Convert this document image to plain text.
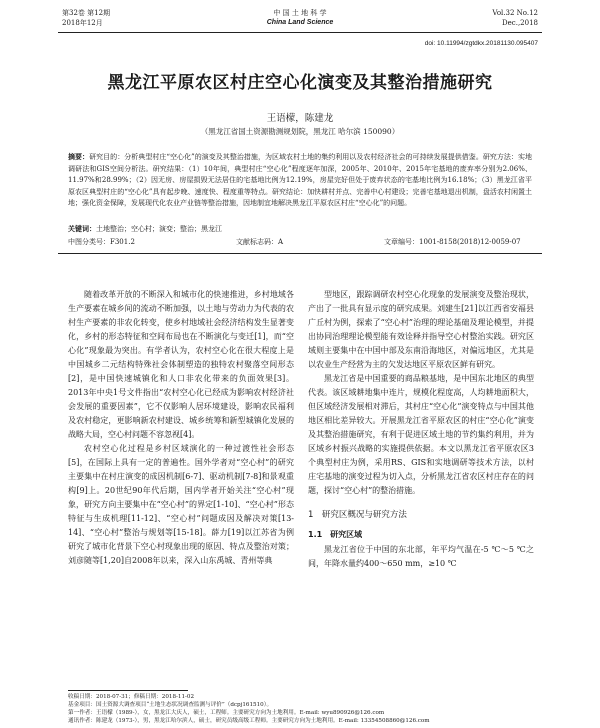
第32卷 第12期
2018年12月
中 国 土 地 科 学
China Land Science
Vol.32 No.12
Dec.,2018
doi: 10.11994/zgtdkx.20181130.095407
黑龙江平原农区村庄空心化演变及其整治措施研究
王语檬，陈建龙
（黑龙江省国土资源勘测规划院，黑龙江 哈尔滨 150090）
摘要：研究目的：分析典型村庄“空心化”的演变及其整治措施，为区域农村土地的集约利用以及农村经济社会的可持续发展提供借鉴。研究方法：实地调研法和GIS空间分析法。研究结果：（1）10年间，典型村庄“空心化”程度逐年加深，2005年、2010年、2015年宅基地的废弃率分别为2.06%、11.97%和28.99%；（2）因无房、房屋损毁无法居住的宅基地比例为12.19%，房屋完好但处于废弃状态的宅基地比例为16.18%；（3）黑龙江省平原农区典型村庄的“空心化”具有起步晚、速度快、程度重等特点。研究结论：加快耕村并点、完善中心村建设；完善宅基地退出机制，盘活农村闲置土地；强化资金保障，发展现代化农业产业链等整治措施，因地制宜地解决黑龙江平原农区村庄“空心化”的问题。
关键词：土地整治；空心村；演变；整治；黑龙江
中图分类号：F301.2	文献标志码：A	文章编号：1001-8158(2018)12-0059-07

随着改革开放的不断深入和城市化的快速推进，乡村地域各生产要素在城乡间的流动不断加强，以土地与劳动力为代表的农村生产要素的非农化转变，使乡村地域社会经济结构发生显著变化，乡村的形态特征和空间布局也在不断演化与变迁[1]，而“空心化”现象最为突出。有学者认为，农村空心化在很大程度上是中国城乡二元结构特殊社会体制塑造的独特农村聚落空间形态[2]，是中国快速城镇化和人口非农化带来的负面效果[3]。2013年中央1号文件指出“农村空心化已经成为影响农村经济社会发展的重要因素”，它不仅影响人居环境建设，影响农民福利及农村稳定，更影响新农村建设、城乡统筹和新型城镇化发展的战略大局，空心村问题不容忽视[4]。

农村空心化过程是乡村区域演化的一种过渡性社会形态[5]，在国际上具有一定的普遍性。国外学者对“空心村”的研究主要集中在村庄演变的成因机制[6-7]、驱动机制[7-8]和景观重构[9]上。20世纪90年代后期，国内学者开始关注“空心村”现象，研究方向主要集中在“空心村”的界定[1-10]、“空心村”形态特征与生成机理[11-12]、“空心村”问题成因及解决对策[13-14]、“空心村”整治与规划等[15-18]。薛力[19]以江苏省为例研究了城市化背景下空心村现象出现的原因、特点及整治对策；刘彦随等[1,20]自2008年以来，深入山东禹城、青州等典

型地区，跟踪调研农村空心化现象的发展演变及整治现状，产出了一批具有显示度的研究成果。刘建生[21]以江西省安福县广丘村为例，探索了“空心村”治理的理论基础及理论模型，并提出协同治理理论模型能有效诠释并指导空心村整治实践。研究区域则主要集中在中国中部及东南沿海地区，对偏远地区，尤其是以农业生产经营为主的欠发达地区平原农区鲜有研究。

黑龙江省是中国重要的商品粮基地，是中国东北地区的典型代表。该区域耕地集中连片，规模化程度高，人均耕地面积大，但区域经济发展相对滞后，其村庄“空心化”演变特点与中国其他地区相比差异较大。开展黑龙江省平原农区的村庄“空心化”演变及其整治措施研究，有利于促进区域土地的节约集约利用，并为区域乡村振兴战略的实施提供依据。本文以黑龙江省平原农区3个典型村庄为例，采用RS、GIS和实地调研等技术方法，以村庄宅基地的演变过程为切入点，分析黑龙江省农区村庄存在的问题，探讨“空心村”的整治措施。

1　研究区概况与研究方法
1.1　研究区域

黑龙江省位于中国的东北部，年平均气温在-5 ℃～5 ℃之间，年降水量约400～650 mm，≥10 ℃

收稿日期：2018-07-31；修稿日期：2018-11-02
基金项目：国土资源大调查项目“土地生态状况调查监测与评价”（dcpj161510）。
第一作者：王语檬（1989-），女，黑龙江大庆人，硕士，工程师。主要研究方向为土地利用。E-mail: wyu890926@126.com
通讯作者：陈建龙（1973-），男，黑龙江哈尔滨人，硕士，研究员级高级工程师。主要研究方向为土地利用。E-mail: 13354508860@126.com
